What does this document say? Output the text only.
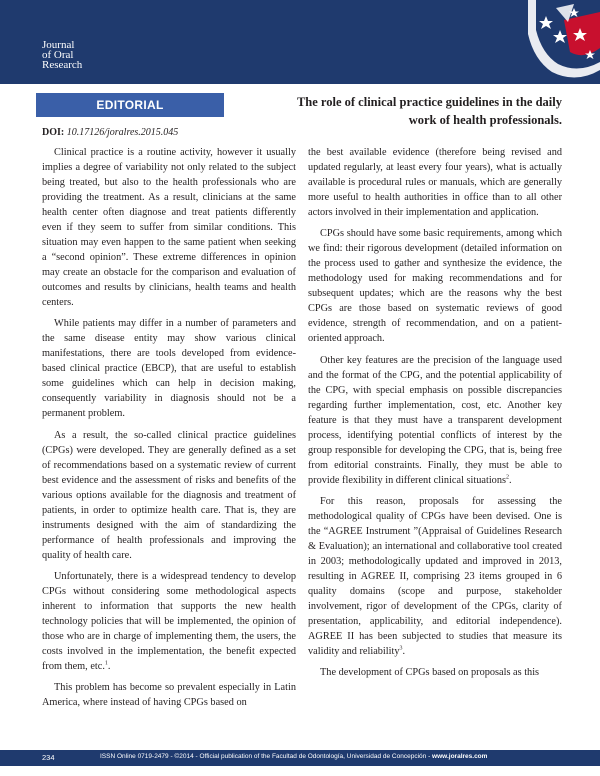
Journal
of Oral
Research
EDITORIAL	The role of clinical practice guidelines in the daily work of health professionals.
DOI: 10.17126/joralres.2015.045

Clinical practice is a routine activity, however it usually implies a degree of variability not only related to the subject being treated, but also to the health professionals who are providing the treatment. As a result, clinicians at the same health center often diagnose and treat patients differently even if they seem to suffer from similar conditions. This situation may even happen to the same patient when seeking a “second opinion”. These extreme differences in opinion may create an obstacle for the comparison and evaluation of outcomes and results by clinicians, health teams and health centers.

While patients may differ in a number of parameters and the same disease entity may show various clinical manifestations, there are tools developed from evidence-based clinical practice (EBCP), that are useful to establish some guidelines which can help in decision making, consequently variability in diagnosis should not be a permanent problem.

As a result, the so-called clinical practice guidelines (CPGs) were developed. They are generally defined as a set of recommendations based on a systematic review of current best evidence and the assessment of risks and benefits of the various options available for the diagnosis and treatment of patients, in order to optimize health care. That is, they are instruments designed with the aim of standardizing the performance of health professionals and improving the quality of health care.

Unfortunately, there is a widespread tendency to develop CPGs without considering some methodological aspects inherent to information that supports the new health technology policies that will be implemented, the opinion of those who are in charge of implementing them, the users, the costs involved in the implementation, the benefit expected from them, etc.$^1$.

This problem has become so prevalent especially in Latin America, where instead of having CPGs based on

the best available evidence (therefore being revised and updated regularly, at least every four years), what is actually available is procedural rules or manuals, which are generally more useful to health authorities in office than to all other actors involved in their implementation and application.

CPGs should have some basic requirements, among which we find: their rigorous development (detailed information on the process used to gather and synthesize the evidence, the methodology used for making recommendations and for subsequent updates; which are the reasons why the best CPGs are those based on systematic reviews of good evidence, strength of recommendation, and on a patient-oriented approach.

Other key features are the precision of the language used and the format of the CPG, and the potential applicability of the CPG, with special emphasis on possible discrepancies regarding further implementation, cost, etc. Another key feature is that they must have a transparent development process, identifying potential conflicts of interest by the group responsible for developing the CPG, that is, being free from editorial constraints. Finally, they must be able to provide flexibility in different clinical situations$^2$.

For this reason, proposals for assessing the methodological quality of CPGs have been devised. One is the “AGREE Instrument ”(Appraisal of Guidelines Research & Evaluation); an international and collaborative tool created in 2003; methodologically updated and improved in 2013, resulting in AGREE II, comprising 23 items grouped in 6 quality domains (scope and purpose, stakeholder involvement, rigor of development of the CPGs, clarity of presentation, applicability, and editorial independence). AGREE II has been subjected to studies that measure its validity and reliability$^3$.

The development of CPGs based on proposals as this

234	ISSN Online 0719-2479 - ©2014 - Official publication of the Facultad de Odontología, Universidad de Concepción - www.joralres.com
